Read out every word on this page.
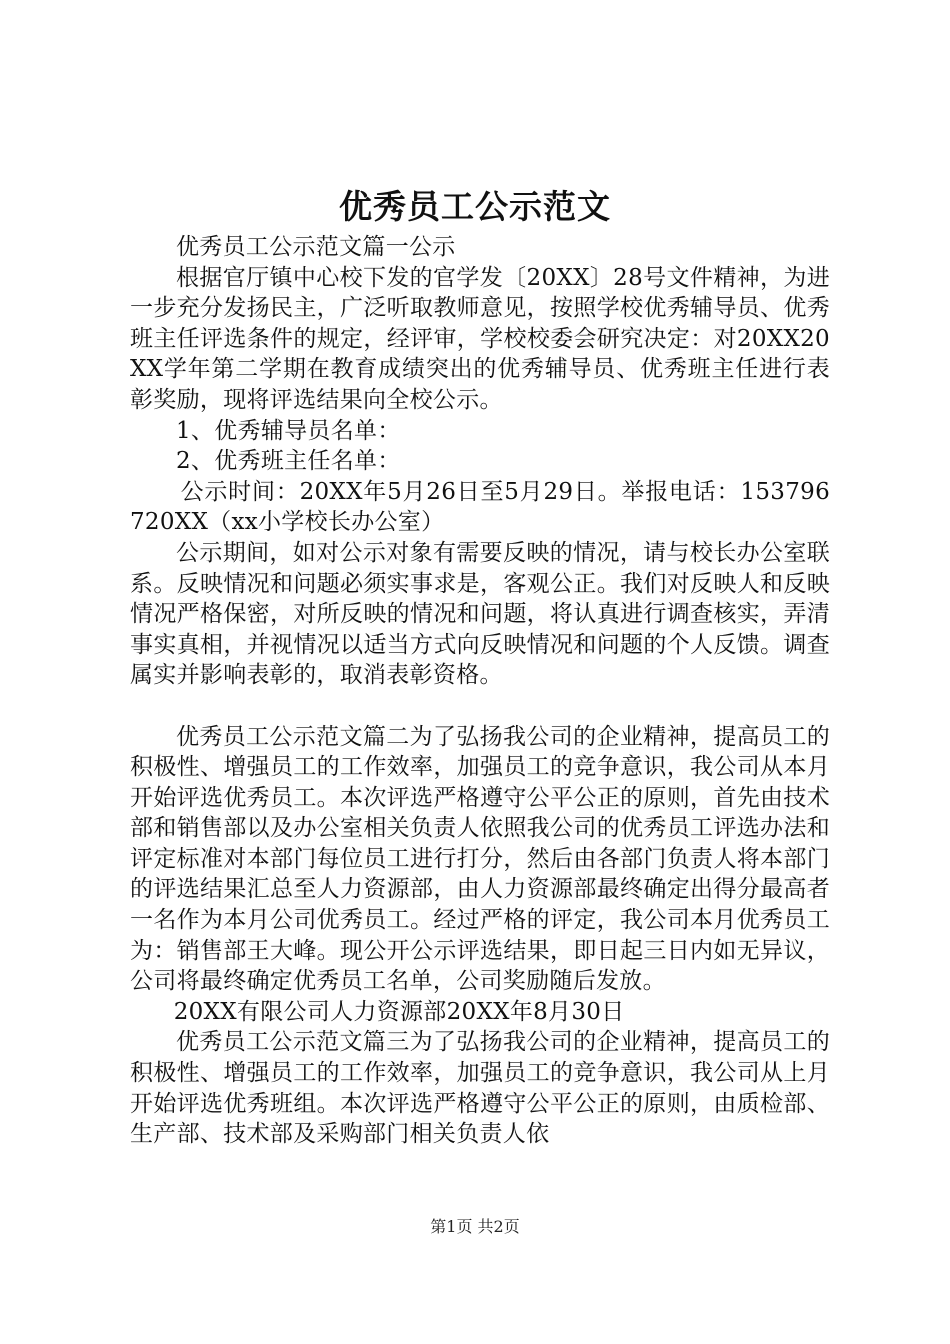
优秀员工公示范文

优秀员工公示范文篇一公示

根据官厅镇中心校下发的官学发〔20XX〕28号文件精神，为进一步充分发扬民主，广泛听取教师意见，按照学校优秀辅导员、优秀班主任评选条件的规定，经评审，学校校委会研究决定：对20XX20XX学年第二学期在教育成绩突出的优秀辅导员、优秀班主任进行表彰奖励，现将评选结果向全校公示。

1、优秀辅导员名单：

2、优秀班主任名单：

公示时间：20XX年5月26日至5月29日。举报电话：153796720XX（xx小学校长办公室）

公示期间，如对公示对象有需要反映的情况，请与校长办公室联系。反映情况和问题必须实事求是，客观公正。我们对反映人和反映情况严格保密，对所反映的情况和问题，将认真进行调查核实，弄清事实真相，并视情况以适当方式向反映情况和问题的个人反馈。调查属实并影响表彰的，取消表彰资格。

优秀员工公示范文篇二为了弘扬我公司的企业精神，提高员工的积极性、增强员工的工作效率，加强员工的竞争意识，我公司从本月开始评选优秀员工。本次评选严格遵守公平公正的原则，首先由技术部和销售部以及办公室相关负责人依照我公司的优秀员工评选办法和评定标准对本部门每位员工进行打分，然后由各部门负责人将本部门的评选结果汇总至人力资源部，由人力资源部最终确定出得分最高者一名作为本月公司优秀员工。经过严格的评定，我公司本月优秀员工为：销售部王大峰。现公开公示评选结果，即日起三日内如无异议，公司将最终确定优秀员工名单，公司奖励随后发放。

20XX有限公司人力资源部20XX年8月30日

优秀员工公示范文篇三为了弘扬我公司的企业精神，提高员工的积极性、增强员工的工作效率，加强员工的竞争意识，我公司从上月开始评选优秀班组。本次评选严格遵守公平公正的原则，由质检部、生产部、技术部及采购部门相关负责人依

第1页 共2页
